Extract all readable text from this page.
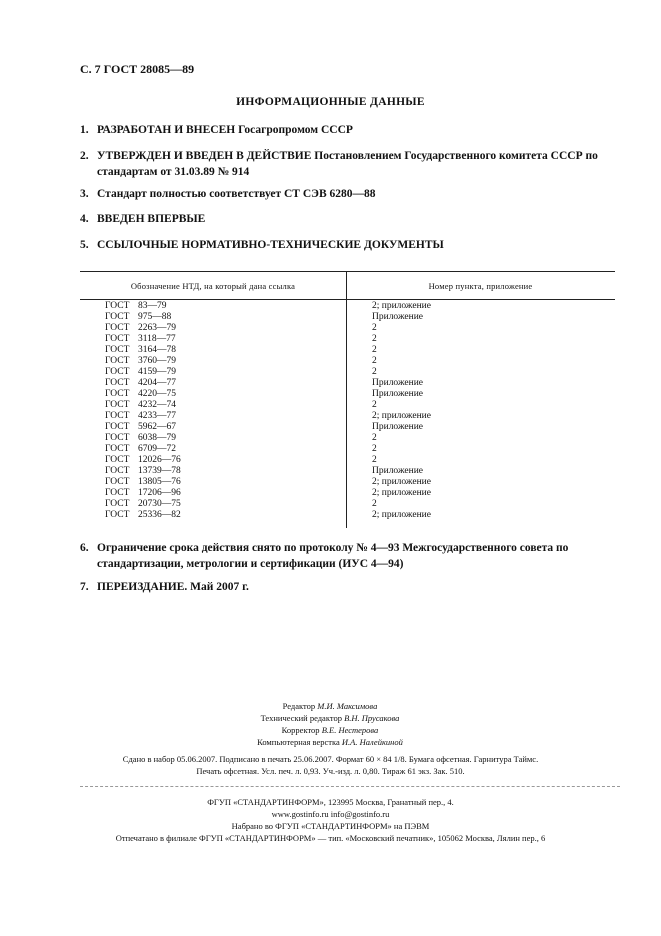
С. 7 ГОСТ 28085—89
ИНФОРМАЦИОННЫЕ ДАННЫЕ
1. РАЗРАБОТАН И ВНЕСЕН Госагропромом СССР
2. УТВЕРЖДЕН И ВВЕДЕН В ДЕЙСТВИЕ Постановлением Государственного комитета СССР по стандартам от 31.03.89 № 914
3. Стандарт полностью соответствует СТ СЭВ 6280—88
4. ВВЕДЕН ВПЕРВЫЕ
5. ССЫЛОЧНЫЕ НОРМАТИВНО-ТЕХНИЧЕСКИЕ ДОКУМЕНТЫ
Обозначение НТД, на который дана ссылка	Номер пункта, приложение
ГОСТ 83—79	2; приложение
ГОСТ 975—88	Приложение
ГОСТ 2263—79	2
ГОСТ 3118—77	2
ГОСТ 3164—78	2
ГОСТ 3760—79	2
ГОСТ 4159—79	2
ГОСТ 4204—77	Приложение
ГОСТ 4220—75	Приложение
ГОСТ 4232—74	2
ГОСТ 4233—77	2; приложение
ГОСТ 5962—67	Приложение
ГОСТ 6038—79	2
ГОСТ 6709—72	2
ГОСТ 12026—76	2
ГОСТ 13739—78	Приложение
ГОСТ 13805—76	2; приложение
ГОСТ 17206—96	2; приложение
ГОСТ 20730—75	2
ГОСТ 25336—82	2; приложение
6. Ограничение срока действия снято по протоколу № 4—93 Межгосударственного совета по стандартизации, метрологии и сертификации (ИУС 4—94)
7. ПЕРЕИЗДАНИЕ. Май 2007 г.
Редактор М.И. Максимова
Технический редактор В.Н. Прусакова
Корректор В.Е. Нестерова
Компьютерная верстка И.А. Налейкиной
Сдано в набор 05.06.2007. Подписано в печать 25.06.2007. Формат 60 × 84 1/8. Бумага офсетная. Гарнитура Таймс.
Печать офсетная. Усл. печ. л. 0,93. Уч.-изд. л. 0,80. Тираж 61 экз. Зак. 510.
ФГУП «СТАНДАРТИНФОРМ», 123995 Москва, Гранатный пер., 4.
www.gostinfo.ru info@gostinfo.ru
Набрано во ФГУП «СТАНДАРТИНФОРМ» на ПЭВМ
Отпечатано в филиале ФГУП «СТАНДАРТИНФОРМ» — тип. «Московский печатник», 105062 Москва, Лялин пер., 6
